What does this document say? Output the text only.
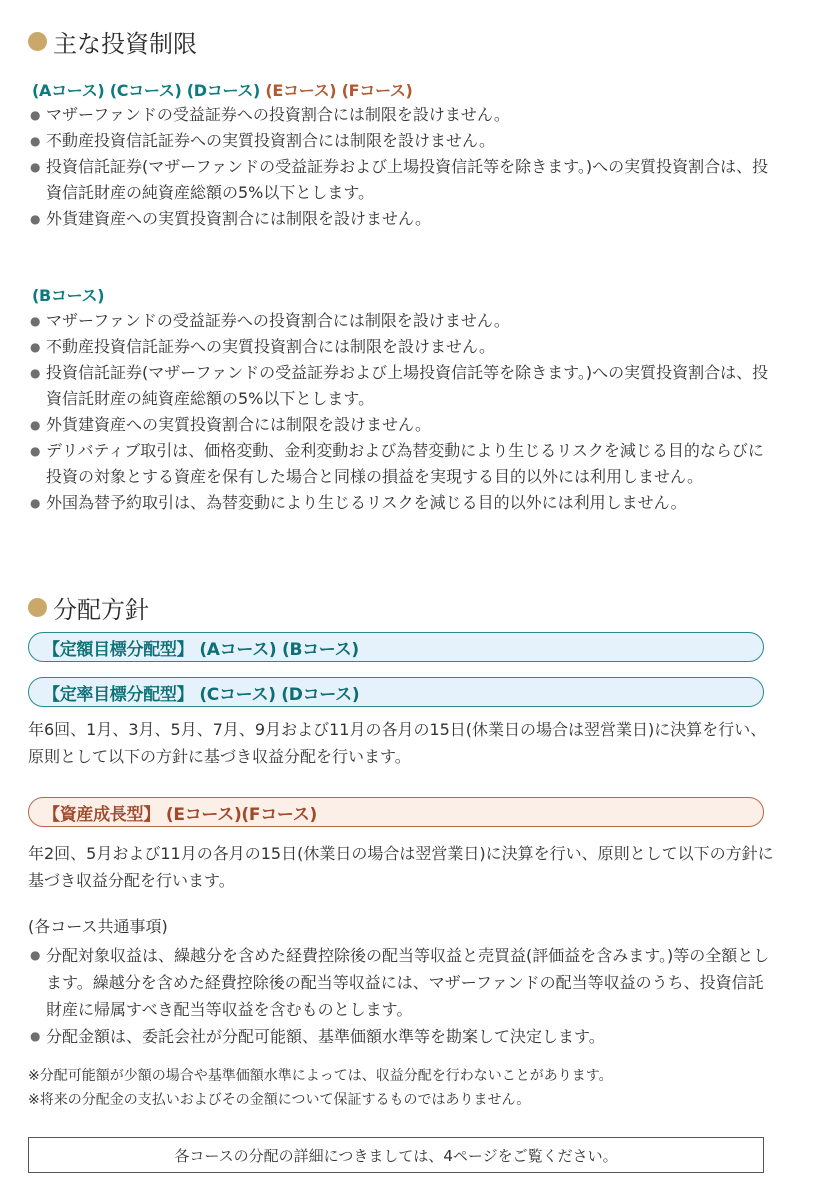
主な投資制限
(Aコース) (Cコース) (Dコース) (Eコース) (Fコース)
● マザーファンドの受益証券への投資割合には制限を設けません。
● 不動産投資信託証券への実質投資割合には制限を設けません。
● 投資信託証券(マザーファンドの受益証券および上場投資信託等を除きます。)への実質投資割合は、投資信託財産の純資産総額の5%以下とします。
● 外貨建資産への実質投資割合には制限を設けません。
(Bコース)
● マザーファンドの受益証券への投資割合には制限を設けません。
● 不動産投資信託証券への実質投資割合には制限を設けません。
● 投資信託証券(マザーファンドの受益証券および上場投資信託等を除きます。)への実質投資割合は、投資信託財産の純資産総額の5%以下とします。
● 外貨建資産への実質投資割合には制限を設けません。
● デリバティブ取引は、価格変動、金利変動および為替変動により生じるリスクを減じる目的ならびに投資の対象とする資産を保有した場合と同様の損益を実現する目的以外には利用しません。
● 外国為替予約取引は、為替変動により生じるリスクを減じる目的以外には利用しません。
分配方針
【定額目標分配型】 (Aコース) (Bコース)
【定率目標分配型】 (Cコース) (Dコース)

年6回、1月、3月、5月、7月、9月および11月の各月の15日(休業日の場合は翌営業日)に決算を行い、原則として以下の方針に基づき収益分配を行います。

【資産成長型】 (Eコース)(Fコース)

年2回、5月および11月の各月の15日(休業日の場合は翌営業日)に決算を行い、原則として以下の方針に基づき収益分配を行います。

(各コース共通事項)
● 分配対象収益は、繰越分を含めた経費控除後の配当等収益と売買益(評価益を含みます。)等の全額とします。繰越分を含めた経費控除後の配当等収益には、マザーファンドの配当等収益のうち、投資信託財産に帰属すべき配当等収益を含むものとします。
● 分配金額は、委託会社が分配可能額、基準価額水準等を勘案して決定します。
※分配可能額が少額の場合や基準価額水準によっては、収益分配を行わないことがあります。
※将来の分配金の支払いおよびその金額について保証するものではありません。
各コースの分配の詳細につきましては、4ページをご覧ください。
